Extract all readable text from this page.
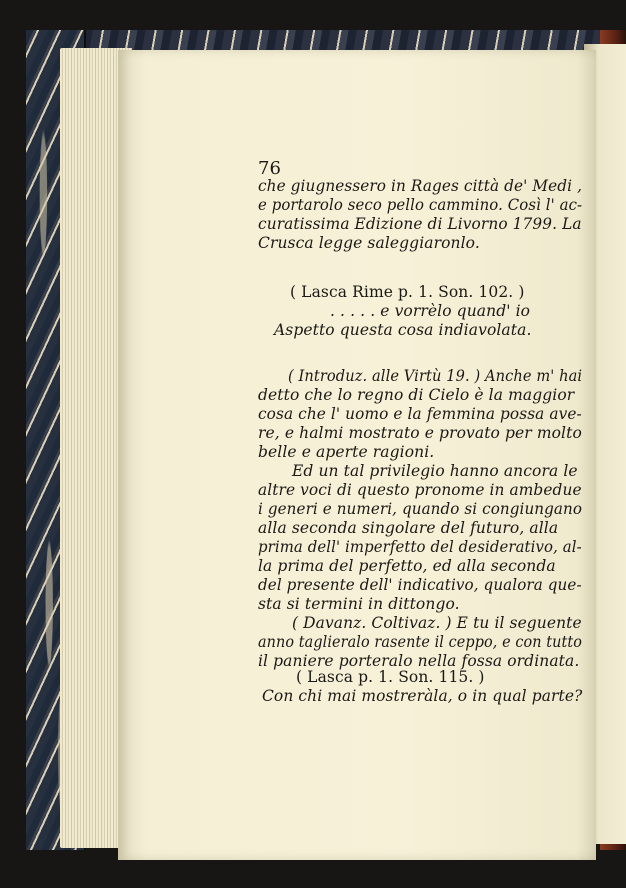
76
che giugnessero in Rages città de' Medi ,
e portarolo seco pello cammino. Così l' ac-
curatissima Edizione di Livorno 1799. La
Crusca legge saleggiaronlo.
( Lasca Rime p. 1. Son. 102. )
. . . . . e vorrèlo quand' io
Aspetto questa cosa indiavolata.
( Introduz. alle Virtù 19. ) Anche m' hai
detto che lo regno di Cielo è la maggior
cosa che l' uomo e la femmina possa ave-
re, e halmi mostrato e provato per molto
belle e aperte ragioni.
Ed un tal privilegio hanno ancora le
altre voci di questo pronome in ambedue
i generi e numeri, quando si congiungano
alla seconda singolare del futuro, alla
prima dell' imperfetto del desiderativo, al-
la prima del perfetto, ed alla seconda
del presente dell' indicativo, qualora que-
sta si termini in dittongo.
( Davanz. Coltivaz. ) E tu il seguente
anno taglieralo rasente il ceppo, e con tutto
il paniere porteralo nella fossa ordinata.
( Lasca p. 1. Son. 115. )
Con chi mai mostreràla, o in qual parte?
